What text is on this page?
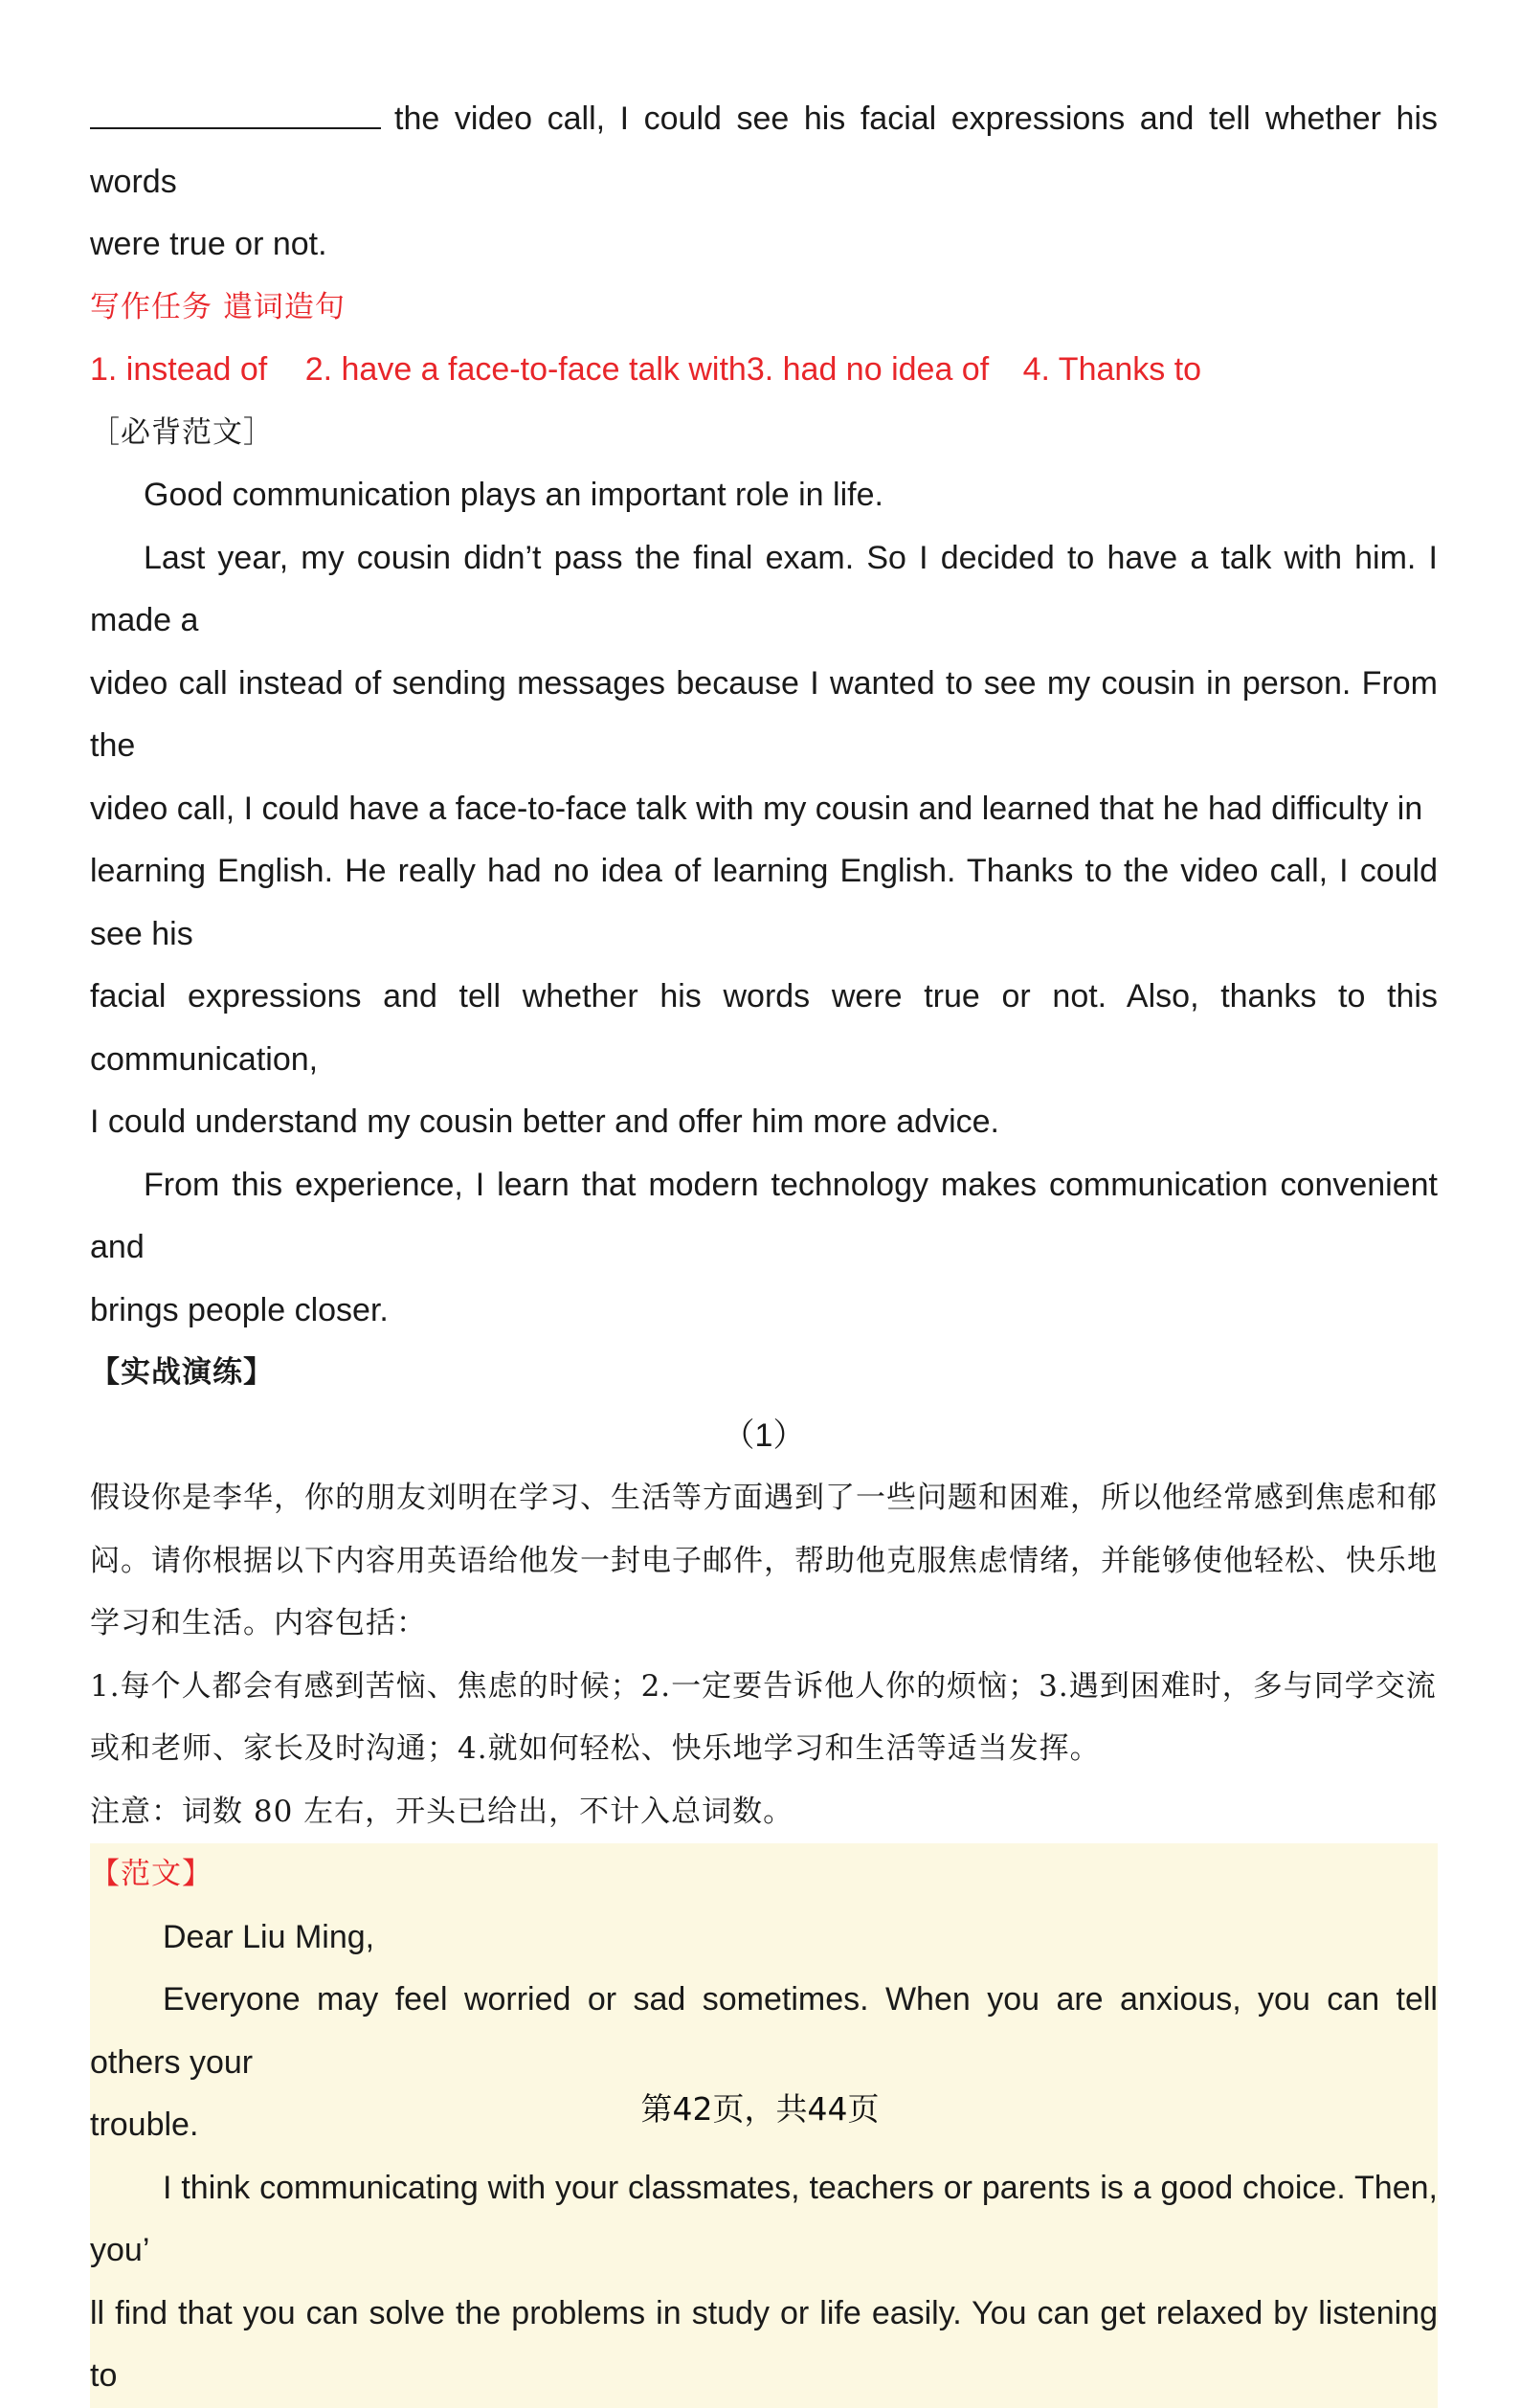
the video call, I could see his facial expressions and tell whether his words

were true or not.

写作任务 遣词造句

1. instead of 2. have a face-to-face talk with3. had no idea of 4. Thanks to

［必背范文］

Good communication plays an important role in life.

Last year, my cousin didn’t pass the final exam. So I decided to have a talk with him. I made a

video call instead of sending messages because I wanted to see my cousin in person. From the

video call, I could have a face-to-face talk with my cousin and learned that he had difficulty in

learning English. He really had no idea of learning English. Thanks to the video call, I could see his

facial expressions and tell whether his words were true or not. Also, thanks to this communication,

I could understand my cousin better and offer him more advice.

From this experience, I learn that modern technology makes communication convenient and

brings people closer.

【实战演练】

（1）

假设你是李华，你的朋友刘明在学习、生活等方面遇到了一些问题和困难，所以他经常感到焦虑和郁

闷。请你根据以下内容用英语给他发一封电子邮件，帮助他克服焦虑情绪，并能够使他轻松、快乐地

学习和生活。内容包括：

1.每个人都会有感到苦恼、焦虑的时候；2.一定要告诉他人你的烦恼；3.遇到困难时，多与同学交流

或和老师、家长及时沟通；4.就如何轻松、快乐地学习和生活等适当发挥。

注意：词数 80 左右，开头已给出，不计入总词数。

【范文】

Dear Liu Ming,

Everyone may feel worried or sad sometimes. When you are anxious, you can tell others your

trouble.

I think communicating with your classmates, teachers or parents is a good choice. Then, you’

ll find that you can solve the problems in study or life easily. You can get relaxed by listening to

第42页，共44页
